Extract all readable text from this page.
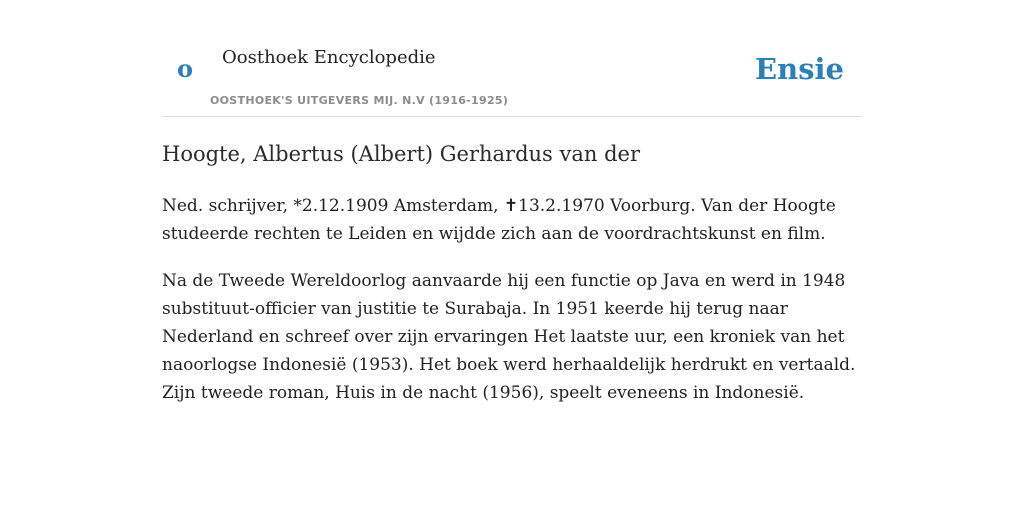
o Oosthoek Encyclopedie
OOSTHOEK'S UITGEVERS MIJ. N.V (1916-1925)
Ensie
Hoogte, Albertus (Albert) Gerhardus van der

Ned. schrijver, *2.12.1909 Amsterdam, ✝13.2.1970 Voorburg. Van der Hoogte studeerde rechten te Leiden en wijdde zich aan de voordrachtskunst en film.

Na de Tweede Wereldoorlog aanvaarde hij een functie op Java en werd in 1948 substituut-officier van justitie te Surabaja. In 1951 keerde hij terug naar Nederland en schreef over zijn ervaringen Het laatste uur, een kroniek van het naoorlogse Indonesië (1953). Het boek werd herhaaldelijk herdrukt en vertaald. Zijn tweede roman, Huis in de nacht (1956), speelt eveneens in Indonesië.
